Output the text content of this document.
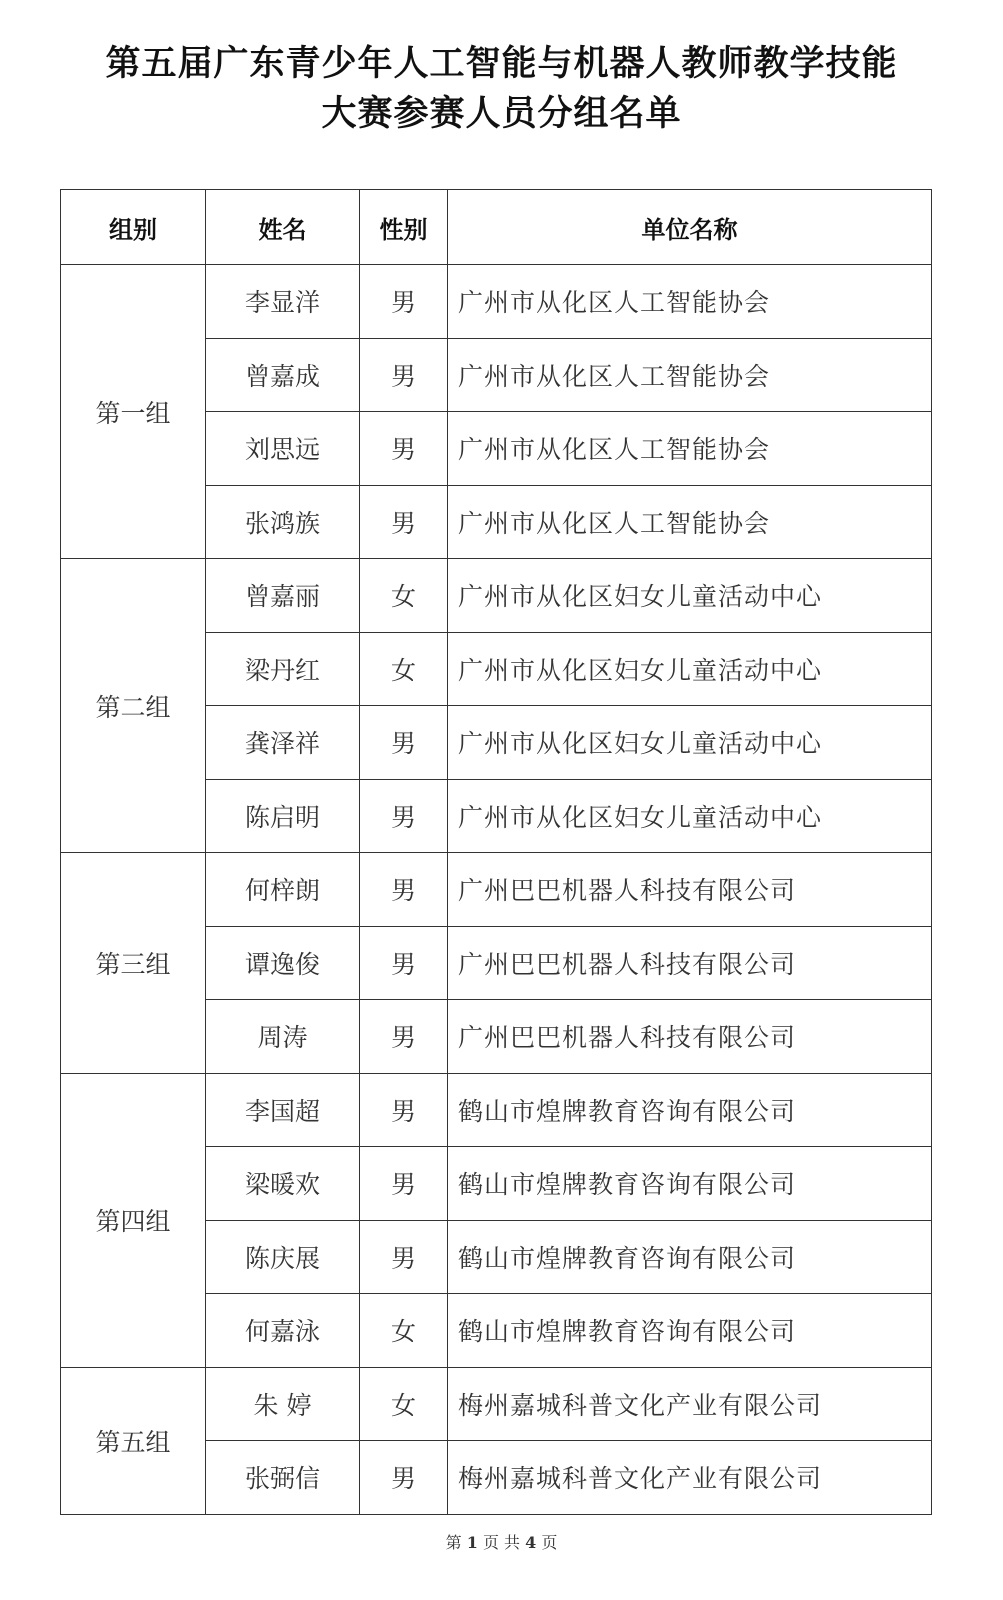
第五届广东青少年人工智能与机器人教师教学技能
大赛参赛人员分组名单
组别	姓名	性别	单位名称
第一组	李显洋	男	广州市从化区人工智能协会
	曾嘉成	男	广州市从化区人工智能协会
	刘思远	男	广州市从化区人工智能协会
	张鸿族	男	广州市从化区人工智能协会
第二组	曾嘉丽	女	广州市从化区妇女儿童活动中心
	梁丹红	女	广州市从化区妇女儿童活动中心
	龚泽祥	男	广州市从化区妇女儿童活动中心
	陈启明	男	广州市从化区妇女儿童活动中心
第三组	何梓朗	男	广州巴巴机器人科技有限公司
	谭逸俊	男	广州巴巴机器人科技有限公司
	周涛	男	广州巴巴机器人科技有限公司
第四组	李国超	男	鹤山市煌牌教育咨询有限公司
	梁暖欢	男	鹤山市煌牌教育咨询有限公司
	陈庆展	男	鹤山市煌牌教育咨询有限公司
	何嘉泳	女	鹤山市煌牌教育咨询有限公司
第五组	朱 婷	女	梅州嘉城科普文化产业有限公司
	张弼信	男	梅州嘉城科普文化产业有限公司
第 1 页 共 4 页
